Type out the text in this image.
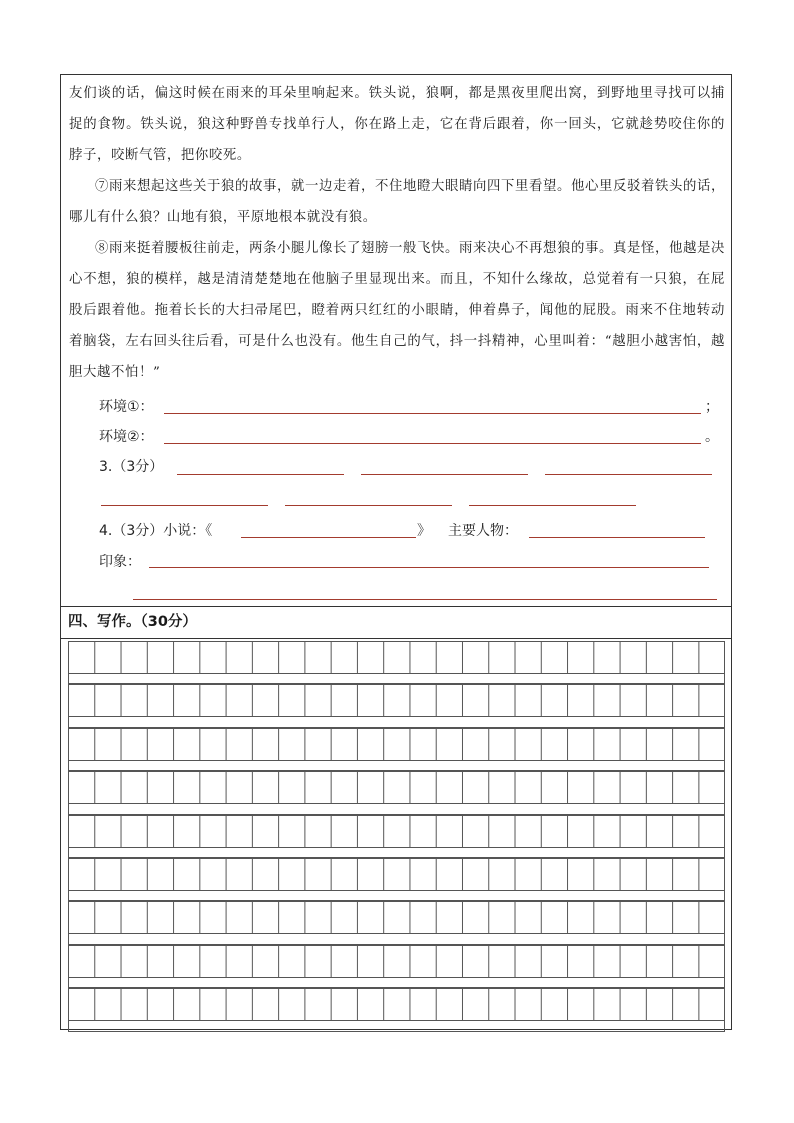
友们谈的话，偏这时候在雨来的耳朵里响起来。铁头说，狼啊，都是黑夜里爬出窝，到野地里寻找可以捕捉的食物。铁头说，狼这种野兽专找单行人，你在路上走，它在背后跟着，你一回头，它就趁势咬住你的脖子，咬断气管，把你咬死。

⑦雨来想起这些关于狼的故事，就一边走着，不住地瞪大眼睛向四下里看望。他心里反驳着铁头的话，哪儿有什么狼？山地有狼，平原地根本就没有狼。

⑧雨来挺着腰板往前走，两条小腿儿像长了翅膀一般飞快。雨来决心不再想狼的事。真是怪，他越是决心不想，狼的模样，越是清清楚楚地在他脑子里显现出来。而且，不知什么缘故，总觉着有一只狼，在屁股后跟着他。拖着长长的大扫帚尾巴，瞪着两只红红的小眼睛，伸着鼻子，闻他的屁股。雨来不住地转动着脑袋，左右回头往后看，可是什么也没有。他生自己的气，抖一抖精神，心里叫着：“越胆小越害怕，越胆大越不怕！”

环境①：	；
环境②：	。
3.（3分）
4.（3分）小说：《	》 主要人物：
印象：
四、写作。（30分）
